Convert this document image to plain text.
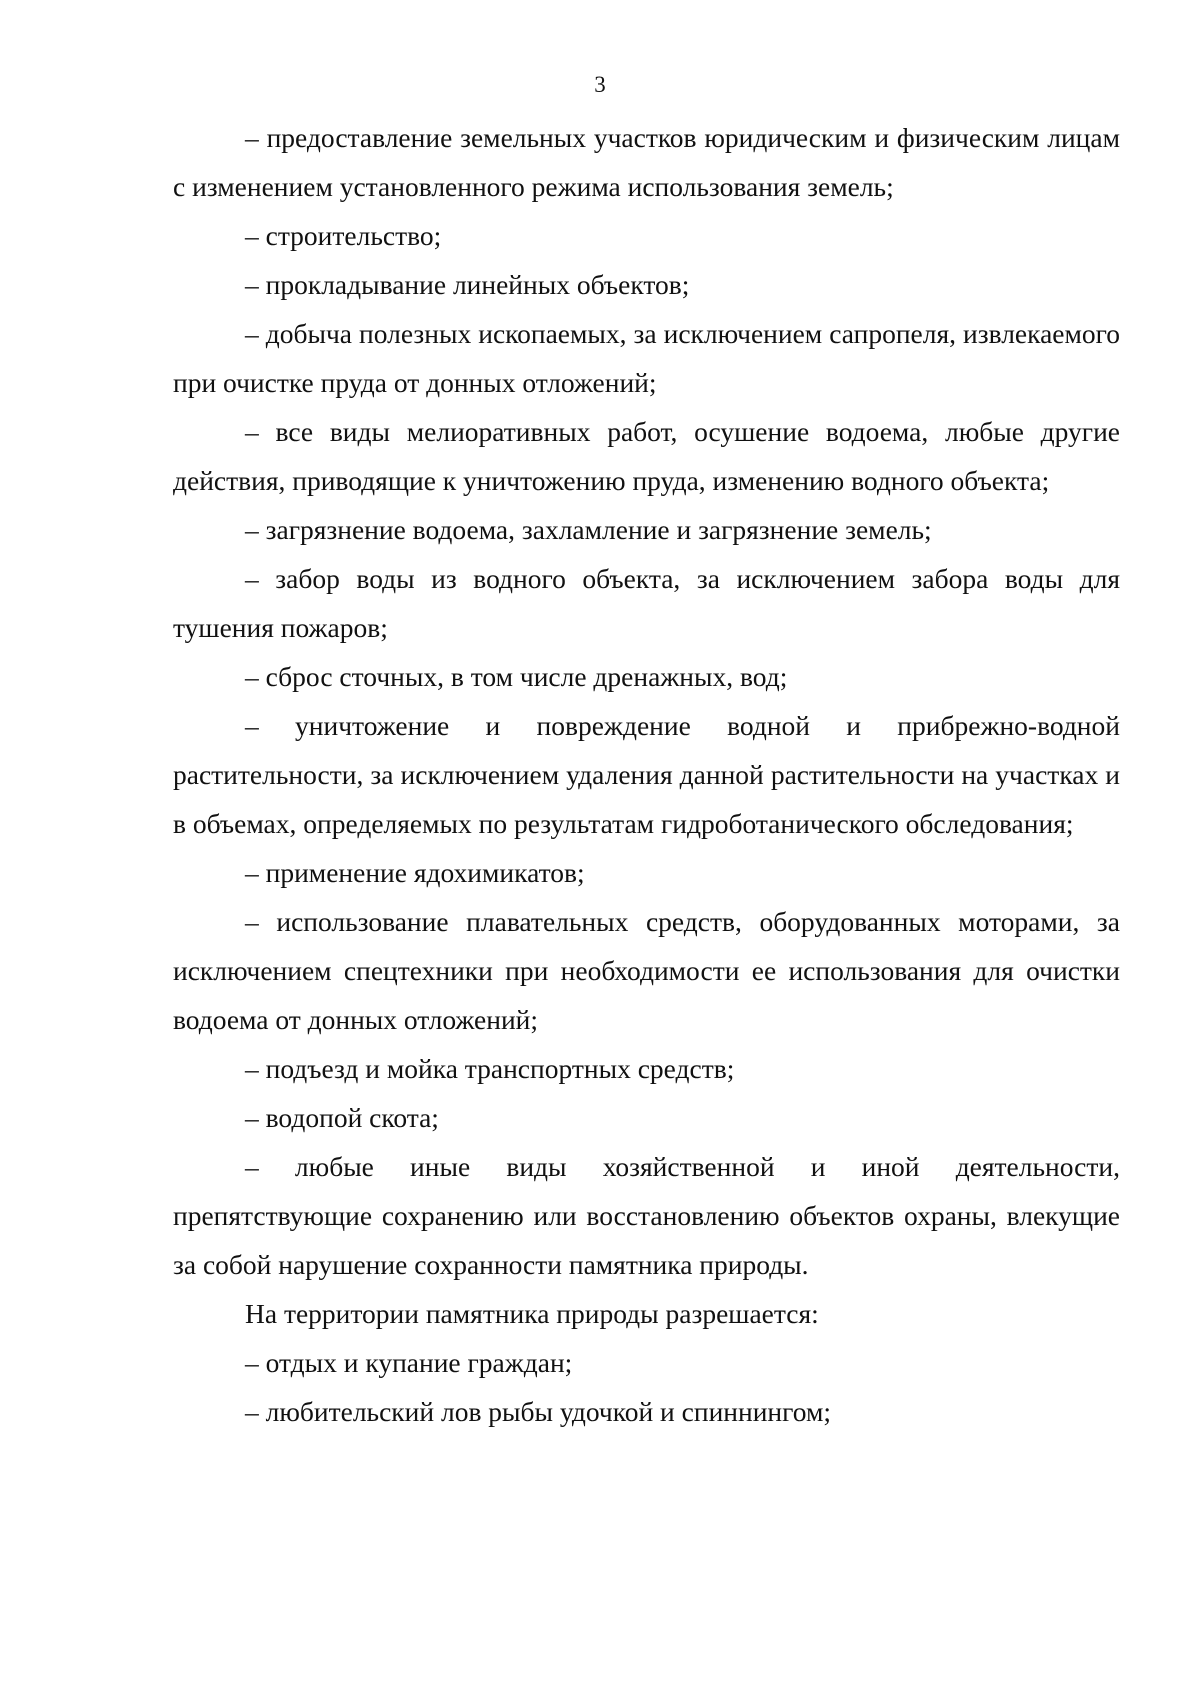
3

– предоставление земельных участков юридическим и физическим лицам с изменением установленного режима использования земель;

– строительство;

– прокладывание линейных объектов;

– добыча полезных ископаемых, за исключением сапропеля, извлекаемого при очистке пруда от донных отложений;

– все виды мелиоративных работ, осушение водоема, любые другие действия, приводящие к уничтожению пруда, изменению водного объекта;

– загрязнение водоема, захламление и загрязнение земель;

– забор воды из водного объекта, за исключением забора воды для тушения пожаров;

– сброс сточных, в том числе дренажных, вод;

– уничтожение и повреждение водной и прибрежно-водной растительности, за исключением удаления данной растительности на участках и в объемах, определяемых по результатам гидроботанического обследования;

– применение ядохимикатов;

– использование плавательных средств, оборудованных моторами, за исключением спецтехники при необходимости ее использования для очистки водоема от донных отложений;

– подъезд и мойка транспортных средств;

– водопой скота;

– любые иные виды хозяйственной и иной деятельности, препятствующие сохранению или восстановлению объектов охраны, влекущие за собой нарушение сохранности памятника природы.

На территории памятника природы разрешается:

– отдых и купание граждан;

– любительский лов рыбы удочкой и спиннингом;
